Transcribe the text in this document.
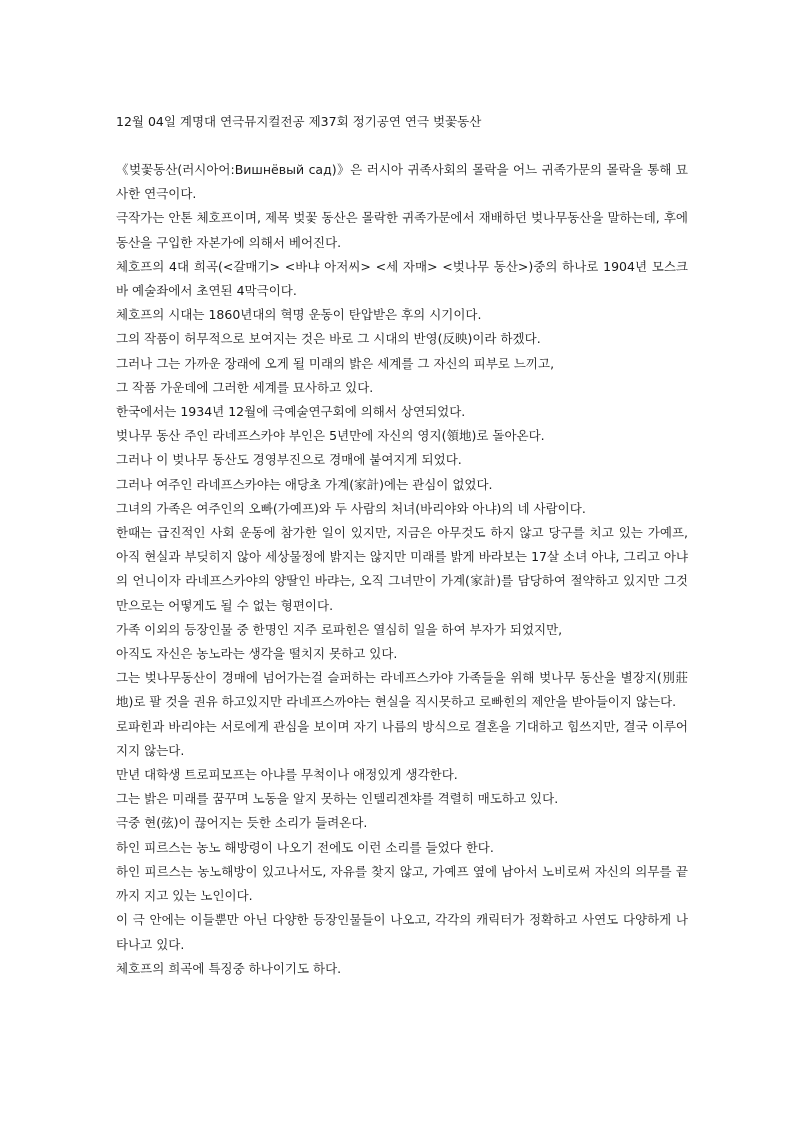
12월 04일 계명대 연극뮤지컬전공 제37회 정기공연 연극 벚꽃동산

《벚꽃동산(러시아어:Вишнёвый сад)》은 러시아 귀족사회의 몰락을 어느 귀족가문의 몰락을 통해 묘사한 연극이다.

극작가는 안톤 체호프이며, 제목 벚꽃 동산은 몰락한 귀족가문에서 재배하던 벚나무동산을 말하는데, 후에 동산을 구입한 자본가에 의해서 베어진다.

체호프의 4대 희곡(<갈매기> <바냐 아저씨> <세 자매> <벚나무 동산>)중의 하나로 1904년 모스크바 예술좌에서 초연된 4막극이다.

체호프의 시대는 1860년대의 혁명 운동이 탄압받은 후의 시기이다.

그의 작품이 허무적으로 보여지는 것은 바로 그 시대의 반영(反映)이라 하겠다.

그러나 그는 가까운 장래에 오게 될 미래의 밝은 세계를 그 자신의 피부로 느끼고,

그 작품 가운데에 그러한 세계를 묘사하고 있다.

한국에서는 1934년 12월에 극예술연구회에 의해서 상연되었다.

벚나무 동산 주인 라네프스카야 부인은 5년만에 자신의 영지(領地)로 돌아온다.

그러나 이 벚나무 동산도 경영부진으로 경매에 붙여지게 되었다.

그러나 여주인 라네프스카야는 애당초 가계(家計)에는 관심이 없었다.

그녀의 가족은 여주인의 오빠(가예프)와 두 사람의 처녀(바리야와 아냐)의 네 사람이다.

한때는 급진적인 사회 운동에 참가한 일이 있지만, 지금은 아무것도 하지 않고 당구를 치고 있는 가예프, 아직 현실과 부딪히지 않아 세상물정에 밝지는 않지만 미래를 밝게 바라보는 17살 소녀 아냐, 그리고 아냐의 언니이자 라네프스카야의 양딸인 바랴는, 오직 그녀만이 가계(家計)를 담당하여 절약하고 있지만 그것만으로는 어떻게도 될 수 없는 형편이다.

가족 이외의 등장인물 중 한명인 지주 로파힌은 열심히 일을 하여 부자가 되었지만,

아직도 자신은 농노라는 생각을 떨치지 못하고 있다.

그는 벚나무동산이 경매에 넘어가는걸 슬퍼하는 라네프스카야 가족들을 위해 벚나무 동산을 별장지(別莊地)로 팔 것을 권유 하고있지만 라네프스까야는 현실을 직시못하고 로빠힌의 제안을 받아들이지 않는다.

로파힌과 바리야는 서로에게 관심을 보이며 자기 나름의 방식으로 결혼을 기대하고 힘쓰지만, 결국 이루어지지 않는다.

만년 대학생 트로피모프는 아냐를 무척이나 애정있게 생각한다.

그는 밝은 미래를 꿈꾸며 노동을 알지 못하는 인텔리겐챠를 격렬히 매도하고 있다.

극중 현(弦)이 끊어지는 듯한 소리가 들려온다.

하인 피르스는 농노 해방령이 나오기 전에도 이런 소리를 들었다 한다.

하인 피르스는 농노해방이 있고나서도, 자유를 찾지 않고, 가예프 옆에 남아서 노비로써 자신의 의무를 끝까지 지고 있는 노인이다.

이 극 안에는 이들뿐만 아닌 다양한 등장인물들이 나오고, 각각의 캐릭터가 정확하고 사연도 다양하게 나타나고 있다.

체호프의 희곡에 특징중 하나이기도 하다.
